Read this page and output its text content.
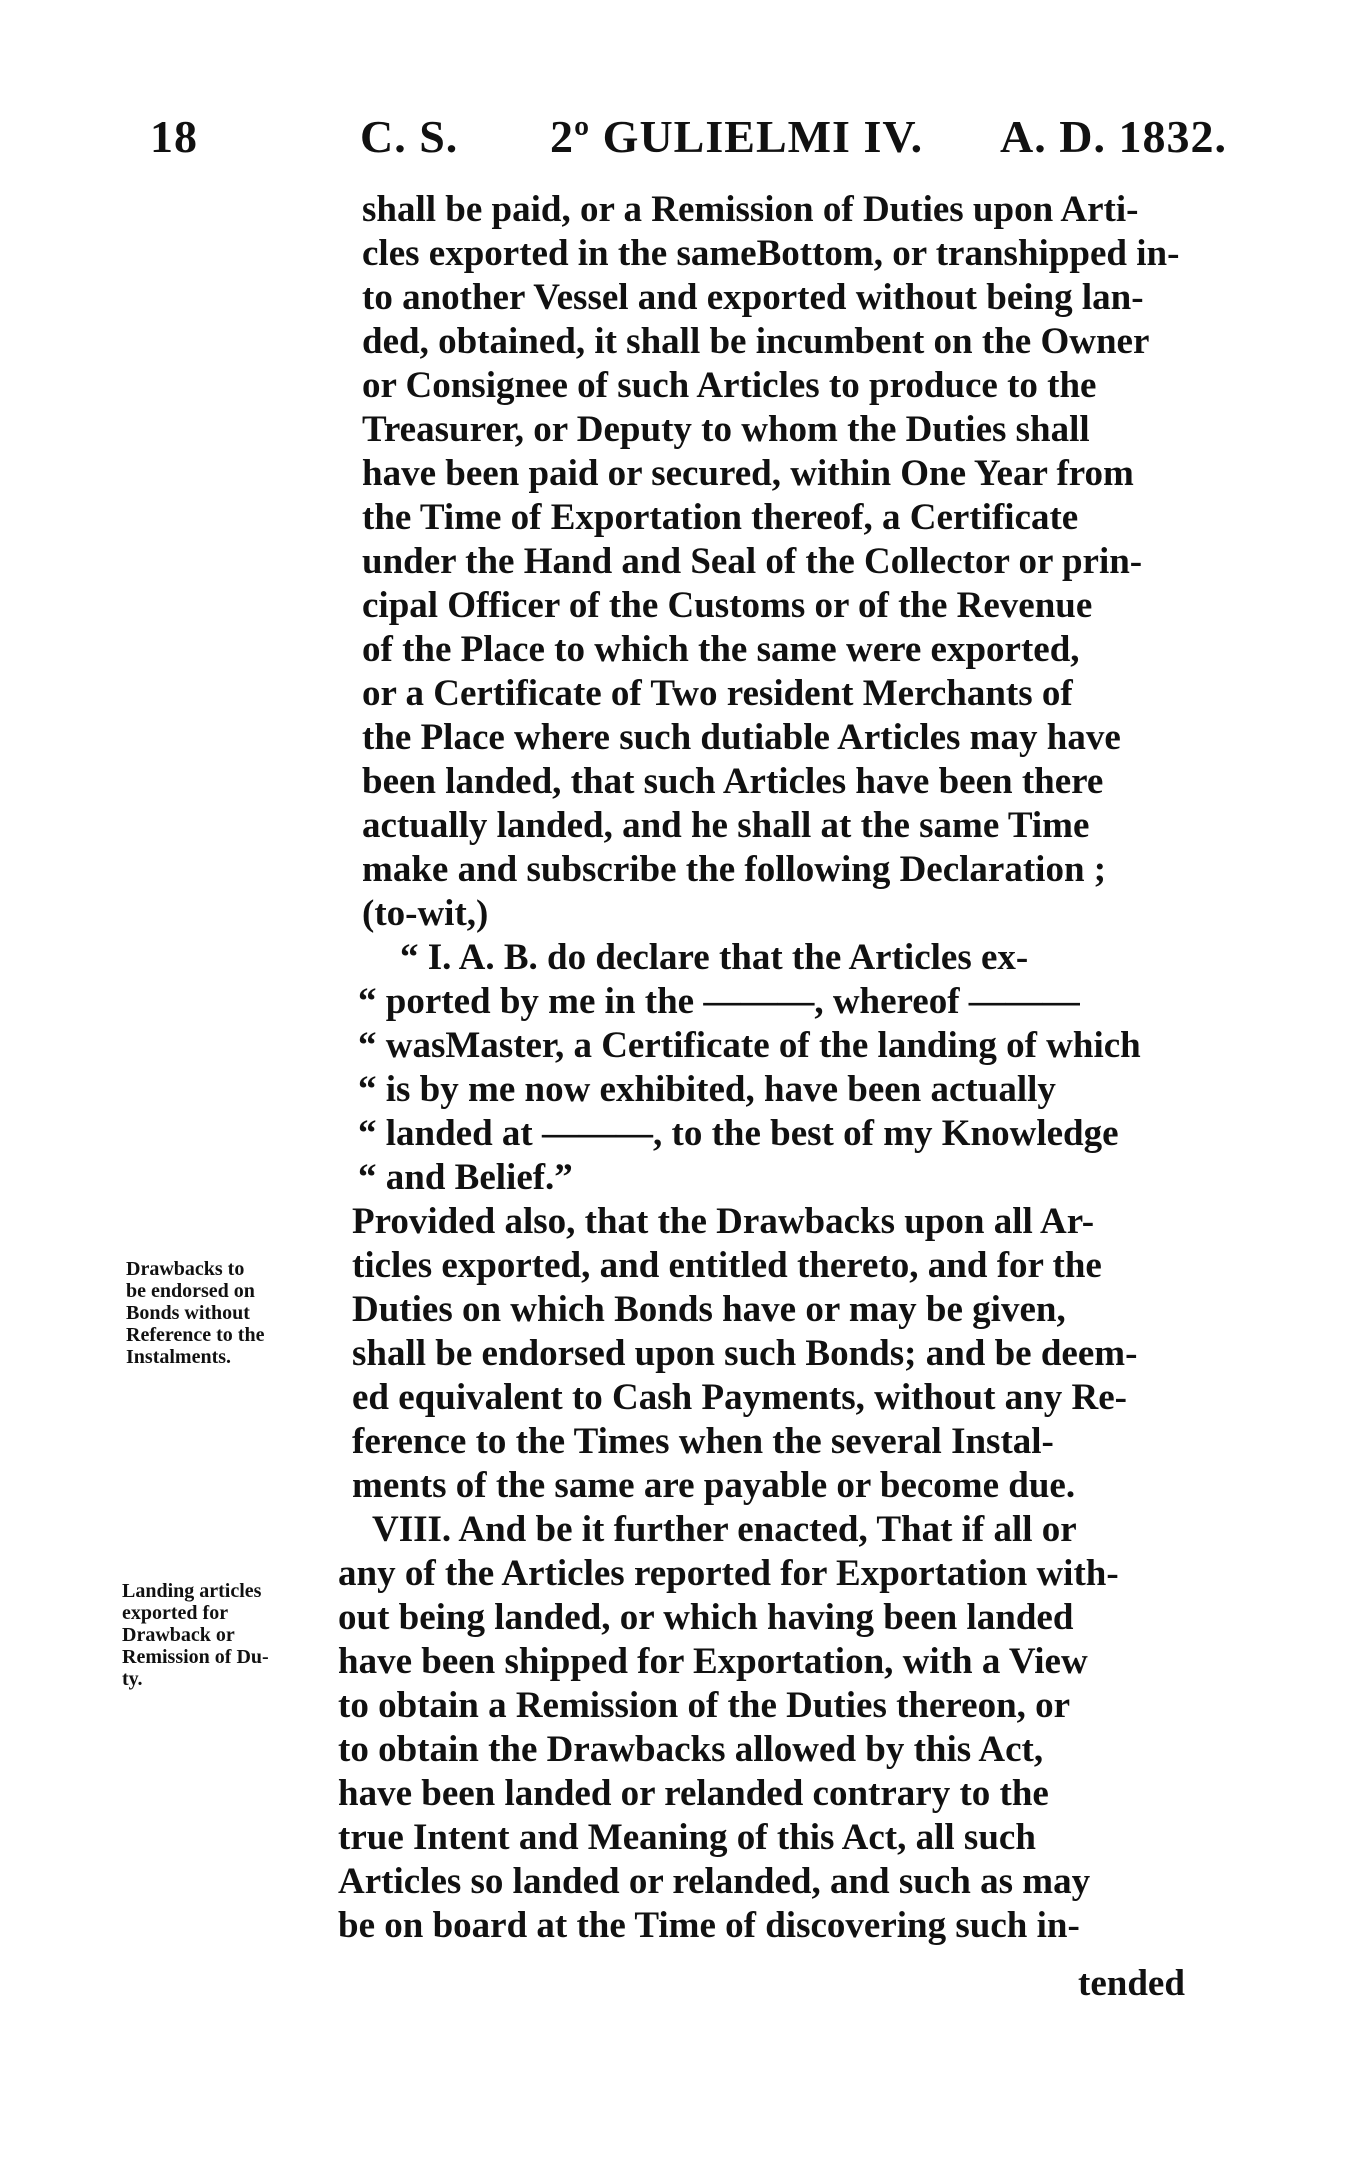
18	C. S. 2º GULIELMI IV. A. D. 1832.
shall be paid, or a Remission of Duties upon Arti-
cles exported in the sameBottom, or transhipped in-
to another Vessel and exported without being lan-
ded, obtained, it shall be incumbent on the Owner
or Consignee of such Articles to produce to the
Treasurer, or Deputy to whom the Duties shall
have been paid or secured, within One Year from
the Time of Exportation thereof, a Certificate
under the Hand and Seal of the Collector or prin-
cipal Officer of the Customs or of the Revenue
of the Place to which the same were exported,
or a Certificate of Two resident Merchants of
the Place where such dutiable Articles may have
been landed, that such Articles have been there
actually landed, and he shall at the same Time
make and subscribe the following Declaration ;
(to-wit,)
“ I. A. B. do declare that the Articles ex-
“ ported by me in the ———, whereof ———
“ wasMaster, a Certificate of the landing of which
“ is by me now exhibited, have been actually
“ landed at ———, to the best of my Knowledge
“ and Belief.”
Provided also, that the Drawbacks upon all Ar-
ticles exported, and entitled thereto, and for the
Duties on which Bonds have or may be given,
shall be endorsed upon such Bonds; and be deem-
ed equivalent to Cash Payments, without any Re-
ference to the Times when the several Instal-
ments of the same are payable or become due.
VIII. And be it further enacted, That if all or
any of the Articles reported for Exportation with-
out being landed, or which having been landed
have been shipped for Exportation, with a View
to obtain a Remission of the Duties thereon, or
to obtain the Drawbacks allowed by this Act,
have been landed or relanded contrary to the
true Intent and Meaning of this Act, all such
Articles so landed or relanded, and such as may
be on board at the Time of discovering such in-
tended
Drawbacks to
be endorsed on
Bonds without
Reference to the
Instalments.
Landing articles
exported for
Drawback or
Remission of Du-
ty.
